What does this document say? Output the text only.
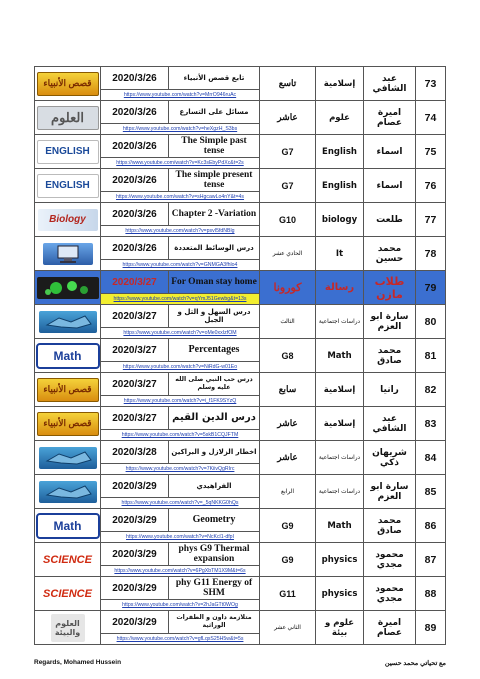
قصص الأنبياء	2020/3/26 تابع قصص الأنبياء
https://www.youtube.com/watch?v=MrrO946ruAc	تاسع	إسلامية	عبد الشافي	73

العلوم	2020/3/26 مسائل على التسارع
https://www.youtube.com/watch?v=heXgzH_S3bs	عاشر	علوم	اميرة عصام	74

ENGLISH	2020/3/26 The Simple past tense
https://www.youtube.com/watch?v=Kc3sEbyPdXc&t=2s	G7	English	اسماء	75

ENGLISH	2020/3/26 The simple present tense
https://www.youtube.com/watch?v=sHgcawLo4nY&t=4s	G7	English	اسماء	76

Biology	2020/3/26 Chapter 2 -Variation
https://www.youtube.com/watch?v=psvI5fdNBlg	G10	biology	طلعت	77

2020/3/26 درس الوسائط المتعددة
https://www.youtube.com/watch?v=GNMGA3fhlo4	الحادي عشر	It	محمد حسين	78

2020/3/27 For Oman stay home
https://www.youtube.com/watch?v=qYmJ51Gewbg&t=13s	كورونا	رسالة	طلاب مازن	79

2020/3/27 درس السهل و التل و الجبل
https://www.youtube.com/watch?v=oMe0xxIzfOM	الثالث	دراسات اجتماعية	سارة ابو العزم	80

Math	2020/3/27 Percentages
https://www.youtube.com/watch?v=NiRdG-w01Eo	G8	Math	محمد صادق	81

قصص الأنبياء	2020/3/27 درس حب النبي صلى الله عليه وسلم
https://www.youtube.com/watch?v=i_f1FK9SYzQ	سابع	إسلامية	رانيا	82

قصص الأنبياء	2020/3/27 درس الدين القيم
https://www.youtube.com/watch?v=5skB1CQJFTM	عاشر	إسلامية	عبد الشافي	83

2020/3/28 اخطار الزلازل و البراكين
https://www.youtube.com/watch?v=7KiivQgRIrc	عاشر	دراسات اجتماعية	شريهان ذكي	84

2020/3/29 الفراهيدي
https://www.youtube.com/watch?v=_5qNKKG0hQs	الرابع	دراسات اجتماعية	سارة ابو العزم	85

Math	2020/3/29 Geometry
https://www.youtube.com/watch?v=NcKcl1-dfpI	G9	Math	محمد صادق	86

SCIENCE	2020/3/29 phys G9 Thermal expansion
https://www.youtube.com/watch?v=6PgXbTM1X9M&t=6s	G9	physics	محمود مجدي	87

SCIENCE	2020/3/29 phy G11 Energy of SHM
https://www.youtube.com/watch?v=2hJaGTt0WOg	G11	physics	محمود مجدي	88

العلوم والبيئة	2020/3/29 متلازمة داون و الطفرات الوراثية
https://www.youtube.com/watch?v=gfLqsS25H5w&t=5s	الثاني عشر	علوم و بيئة	اميرة عصام	89
Regards, Mohamed Hussein	مع تحياتي محمد حسين
